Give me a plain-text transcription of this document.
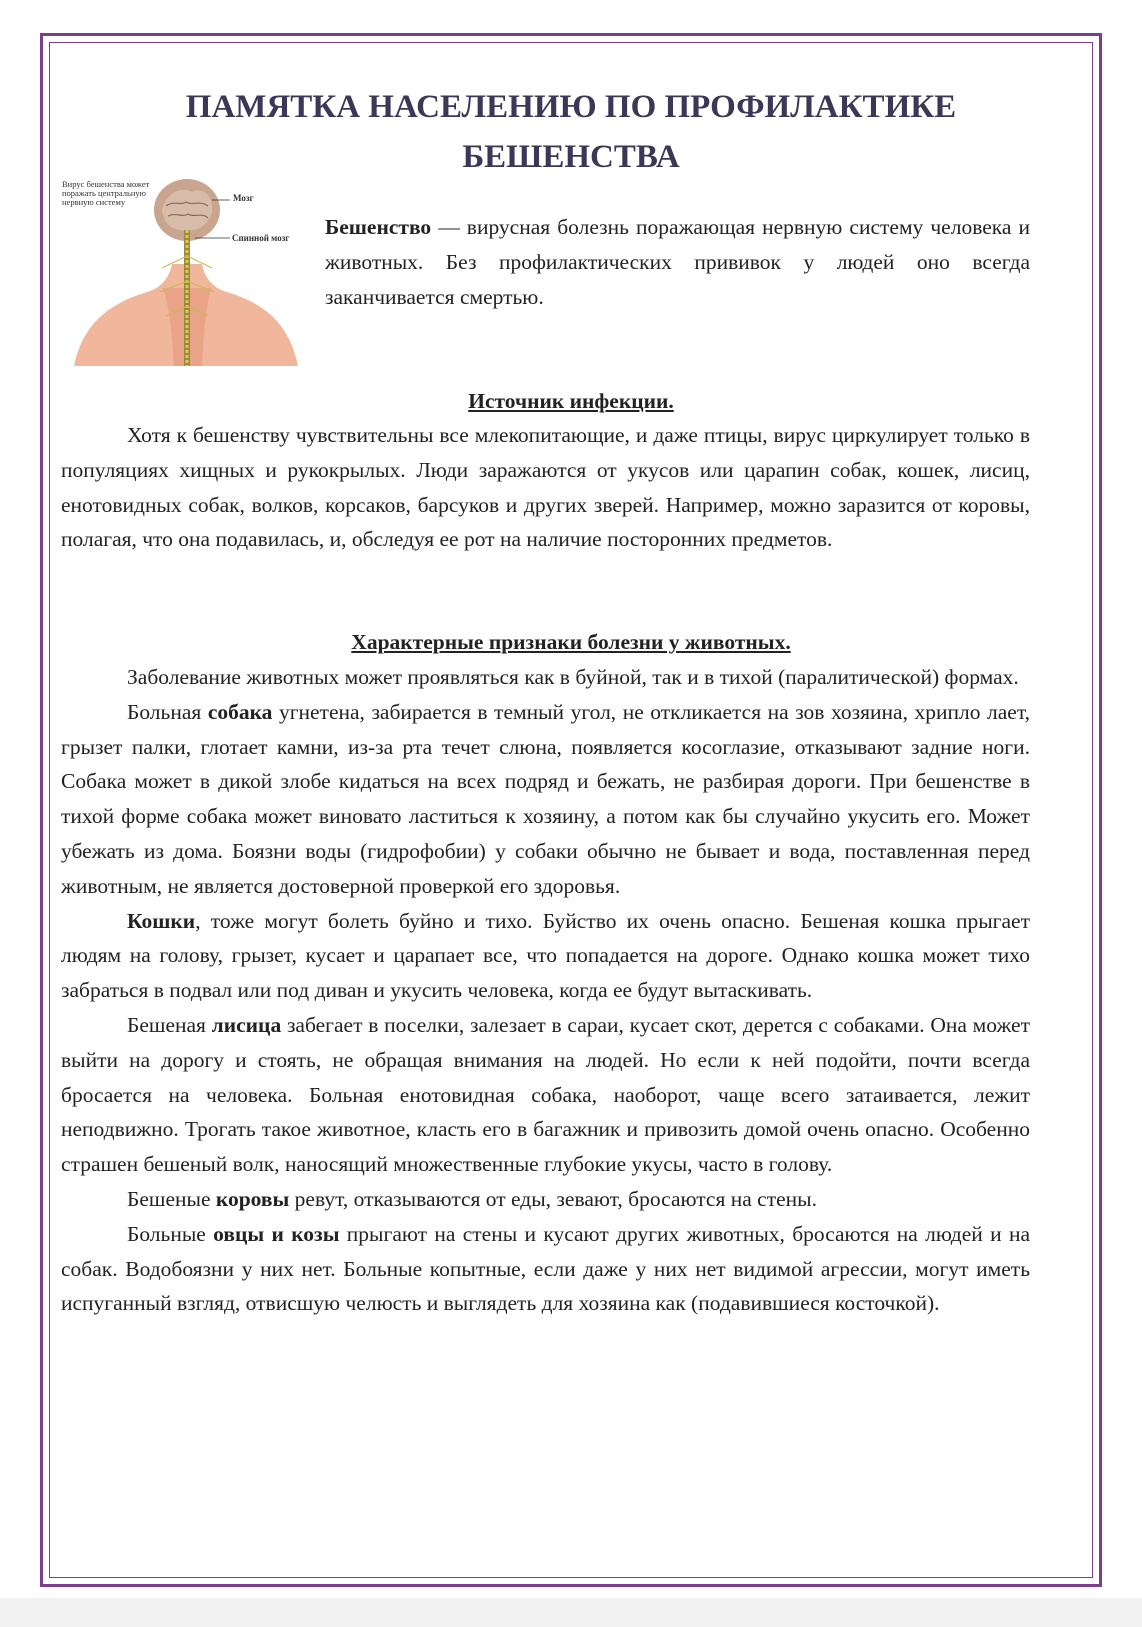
ПАМЯТКА НАСЕЛЕНИЮ ПО ПРОФИЛАКТИКЕ БЕШЕНСТВА
Вирус бешенства может поражать центральную нервную систему	Мозг
Спинной мозг Бешенство — вирусная болезнь поражающая нервную систему человека и животных. Без профилактических прививок у людей оно всегда заканчивается смертью.

Источник инфекции.

Хотя к бешенству чувствительны все млекопитающие, и даже птицы, вирус циркулирует только в популяциях хищных и рукокрылых. Люди заражаются от укусов или царапин собак, кошек, лисиц, енотовидных собак, волков, корсаков, барсуков и других зверей. Например, можно заразится от коровы, полагая, что она подавилась, и, обследуя ее рот на наличие посторонних предметов.

Характерные признаки болезни у животных.

Заболевание животных может проявляться как в буйной, так и в тихой (паралитической) формах.

Больная собака угнетена, забирается в темный угол, не откликается на зов хозяина, хрипло лает, грызет палки, глотает камни, из-за рта течет слюна, появляется косоглазие, отказывают задние ноги. Собака может в дикой злобе кидаться на всех подряд и бежать, не разбирая дороги. При бешенстве в тихой форме собака может виновато ластиться к хозяину, а потом как бы случайно укусить его. Может убежать из дома. Боязни воды (гидрофобии) у собаки обычно не бывает и вода, поставленная перед животным, не является достоверной проверкой его здоровья.

Кошки, тоже могут болеть буйно и тихо. Буйство их очень опасно. Бешеная кошка прыгает людям на голову, грызет, кусает и царапает все, что попадается на дороге. Однако кошка может тихо забраться в подвал или под диван и укусить человека, когда ее будут вытаскивать.

Бешеная лисица забегает в поселки, залезает в сараи, кусает скот, дерется с собаками. Она может выйти на дорогу и стоять, не обращая внимания на людей. Но если к ней подойти, почти всегда бросается на человека. Больная енотовидная собака, наоборот, чаще всего затаивается, лежит неподвижно. Трогать такое животное, класть его в багажник и привозить домой очень опасно. Особенно страшен бешеный волк, наносящий множественные глубокие укусы, часто в голову.

Бешеные коровы ревут, отказываются от еды, зевают, бросаются на стены.

Больные овцы и козы прыгают на стены и кусают других животных, бросаются на людей и на собак. Водобоязни у них нет. Больные копытные, если даже у них нет видимой агрессии, могут иметь испуганный взгляд, отвисшую челюсть и выглядеть для хозяина как (подавившиеся косточкой).
